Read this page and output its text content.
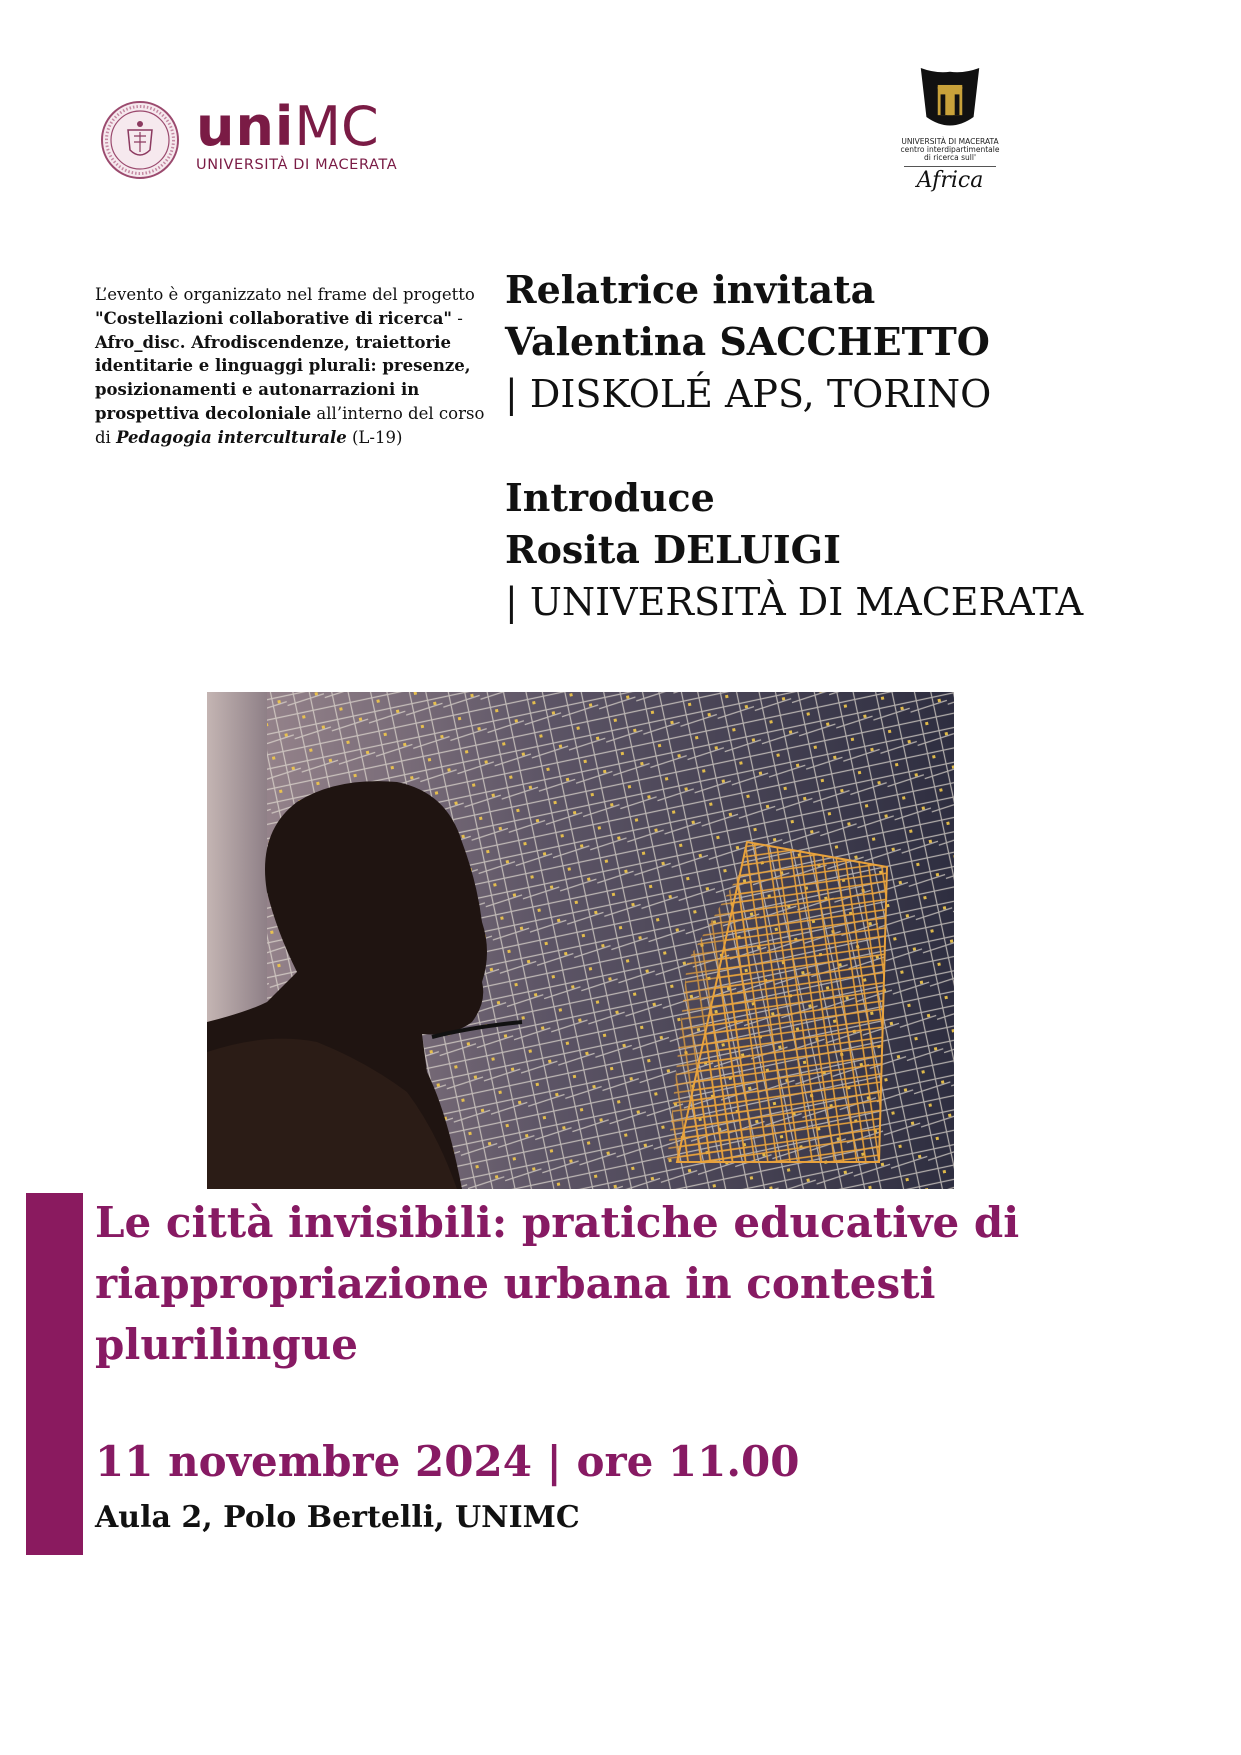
uniMC
UNIVERSITÀ DI MACERATA
UNIVERSITÀ DI MACERATA
centro interdipartimentale
di ricerca sull'
Africa
L’evento è organizzato nel frame del progetto "Costellazioni collaborative di ricerca" - Afro_disc. Afrodiscendenze, traiettorie identitarie e linguaggi plurali: presenze, posizionamenti e autonarrazioni in prospettiva decoloniale all’interno del corso di Pedagogia interculturale (L-19)
Relatrice invitata
Valentina SACCHETTO
| DISKOLÉ APS, TORINO
Introduce
Rosita DELUIGI
| UNIVERSITÀ DI MACERATA
Le città invisibili: pratiche educative di riappropriazione urbana in contesti plurilingue
11 novembre 2024 | ore 11.00
Aula 2, Polo Bertelli, UNIMC
